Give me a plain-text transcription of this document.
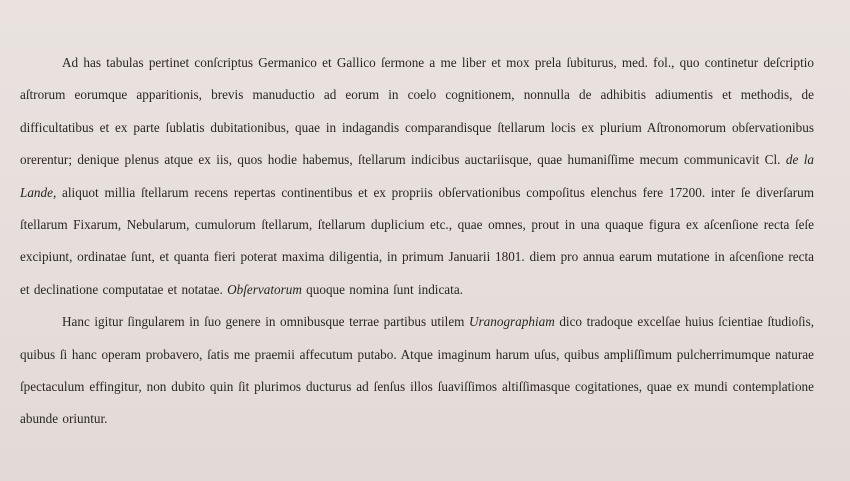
Ad has tabulas pertinet conſcriptus Germanico et Gallico ſermone a me liber et mox prela ſubiturus, med. fol., quo continetur deſcriptio aſtrorum eorumque apparitionis, brevis manuductio ad eorum in coelo cognitionem, nonnulla de adhibitis adiumentis et methodis, de difficultatibus et ex parte ſublatis dubitationibus, quae in indagandis comparandisque ſtellarum locis ex plurium Aſtronomorum obſervationibus orerentur; denique plenus atque ex iis, quos hodie habemus, ſtellarum indicibus auctariisque, quae humaniſſime mecum communicavit Cl. de la Lande, aliquot millia ſtellarum recens repertas continentibus et ex propriis obſervationibus compoſitus elenchus fere 17200. inter ſe diverſarum ſtellarum Fixarum, Nebularum, cumulorum ſtellarum, ſtellarum duplicium etc., quae omnes, prout in una quaque figura ex aſcenſione recta ſeſe excipiunt, ordinatae ſunt, et quanta fieri poterat maxima diligentia, in primum Januarii 1801. diem pro annua earum mutatione in aſcenſione recta et declinatione computatae et notatae. Obſervatorum quoque nomina ſunt indicata.

Hanc igitur ſingularem in ſuo genere in omnibusque terrae partibus utilem Uranographiam dico tradoque excelſae huius ſcientiae ſtudioſis, quibus ſi hanc operam probavero, ſatis me praemii affecutum putabo. Atque imaginum harum uſus, quibus ampliſſimum pulcherrimumque naturae ſpectaculum effingitur, non dubito quin ſit plurimos ducturus ad ſenſus illos ſuaviſſimos altiſſimasque cogitationes, quae ex mundi contemplatione abunde oriuntur.
